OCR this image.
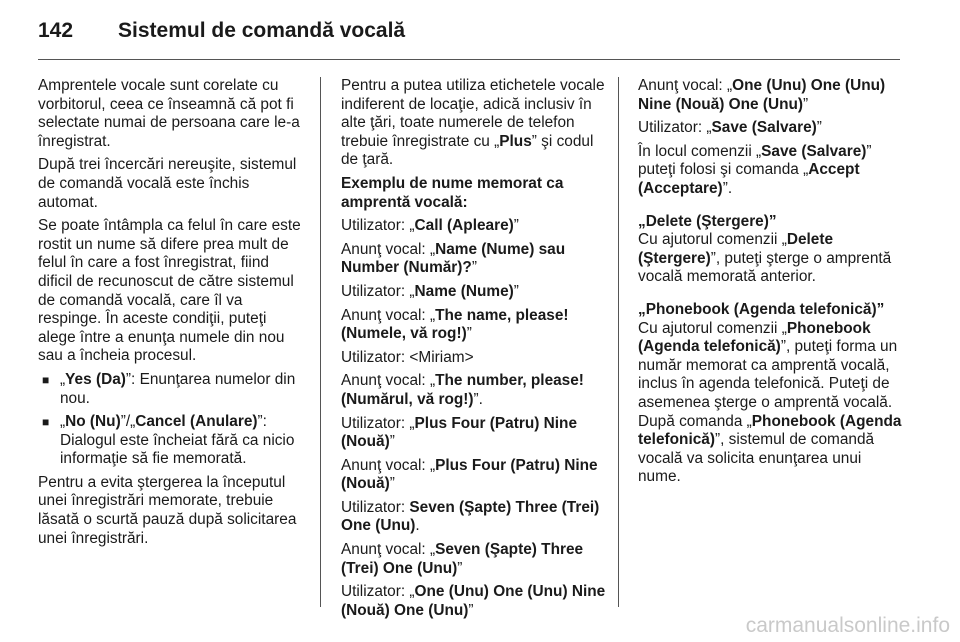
142 Sistemul de comandă vocală

Amprentele vocale sunt corelate cu vorbitorul, ceea ce înseamnă că pot fi selectate numai de persoana care le-a înregistrat.

După trei încercări nereuşite, sistemul de comandă vocală este închis automat.

Se poate întâmpla ca felul în care este rostit un nume să difere prea mult de felul în care a fost înregistrat, fiind dificil de recunoscut de către sistemul de comandă vocală, care îl va respinge. În aceste condiţii, puteţi alege între a enunţa numele din nou sau a încheia procesul.

■ „Yes (Da)”: Enunţarea numelor din nou.
■ „No (Nu)”/„Cancel (Anulare)”: Dialogul este încheiat fără ca nicio informaţie să fie memorată.

Pentru a evita ştergerea la începutul unei înregistrări memorate, trebuie lăsată o scurtă pauză după solicitarea unei înregistrări.

Pentru a putea utiliza etichetele vocale indiferent de locaţie, adică inclusiv în alte ţări, toate numerele de telefon trebuie înregistrate cu „Plus” şi codul de ţară.

Exemplu de nume memorat ca amprentă vocală:

Utilizator: „Call (Apleare)”

Anunţ vocal: „Name (Nume) sau Number (Număr)?”

Utilizator: „Name (Nume)”

Anunţ vocal: „The name, please! (Numele, vă rog!)”

Utilizator: <Miriam>

Anunţ vocal: „The number, please! (Numărul, vă rog!)”.

Utilizator: „Plus Four (Patru) Nine (Nouă)”

Anunţ vocal: „Plus Four (Patru) Nine (Nouă)”

Utilizator: Seven (Şapte) Three (Trei) One (Unu).

Anunţ vocal: „Seven (Şapte) Three (Trei) One (Unu)”

Utilizator: „One (Unu) One (Unu) Nine (Nouă) One (Unu)”

Anunţ vocal: „One (Unu) One (Unu) Nine (Nouă) One (Unu)”

Utilizator: „Save (Salvare)”

În locul comenzii „Save (Salvare)” puteţi folosi şi comanda „Accept (Acceptare)”.

„Delete (Ştergere)”

Cu ajutorul comenzii „Delete (Ştergere)”, puteţi şterge o amprentă vocală memorată anterior.

„Phonebook (Agenda telefonică)”

Cu ajutorul comenzii „Phonebook (Agenda telefonică)”, puteţi forma un număr memorat ca amprentă vocală, inclus în agenda telefonică. Puteţi de asemenea şterge o amprentă vocală. După comanda „Phonebook (Agenda telefonică)”, sistemul de comandă vocală va solicita enunţarea unui nume.

carmanualsonline.info
